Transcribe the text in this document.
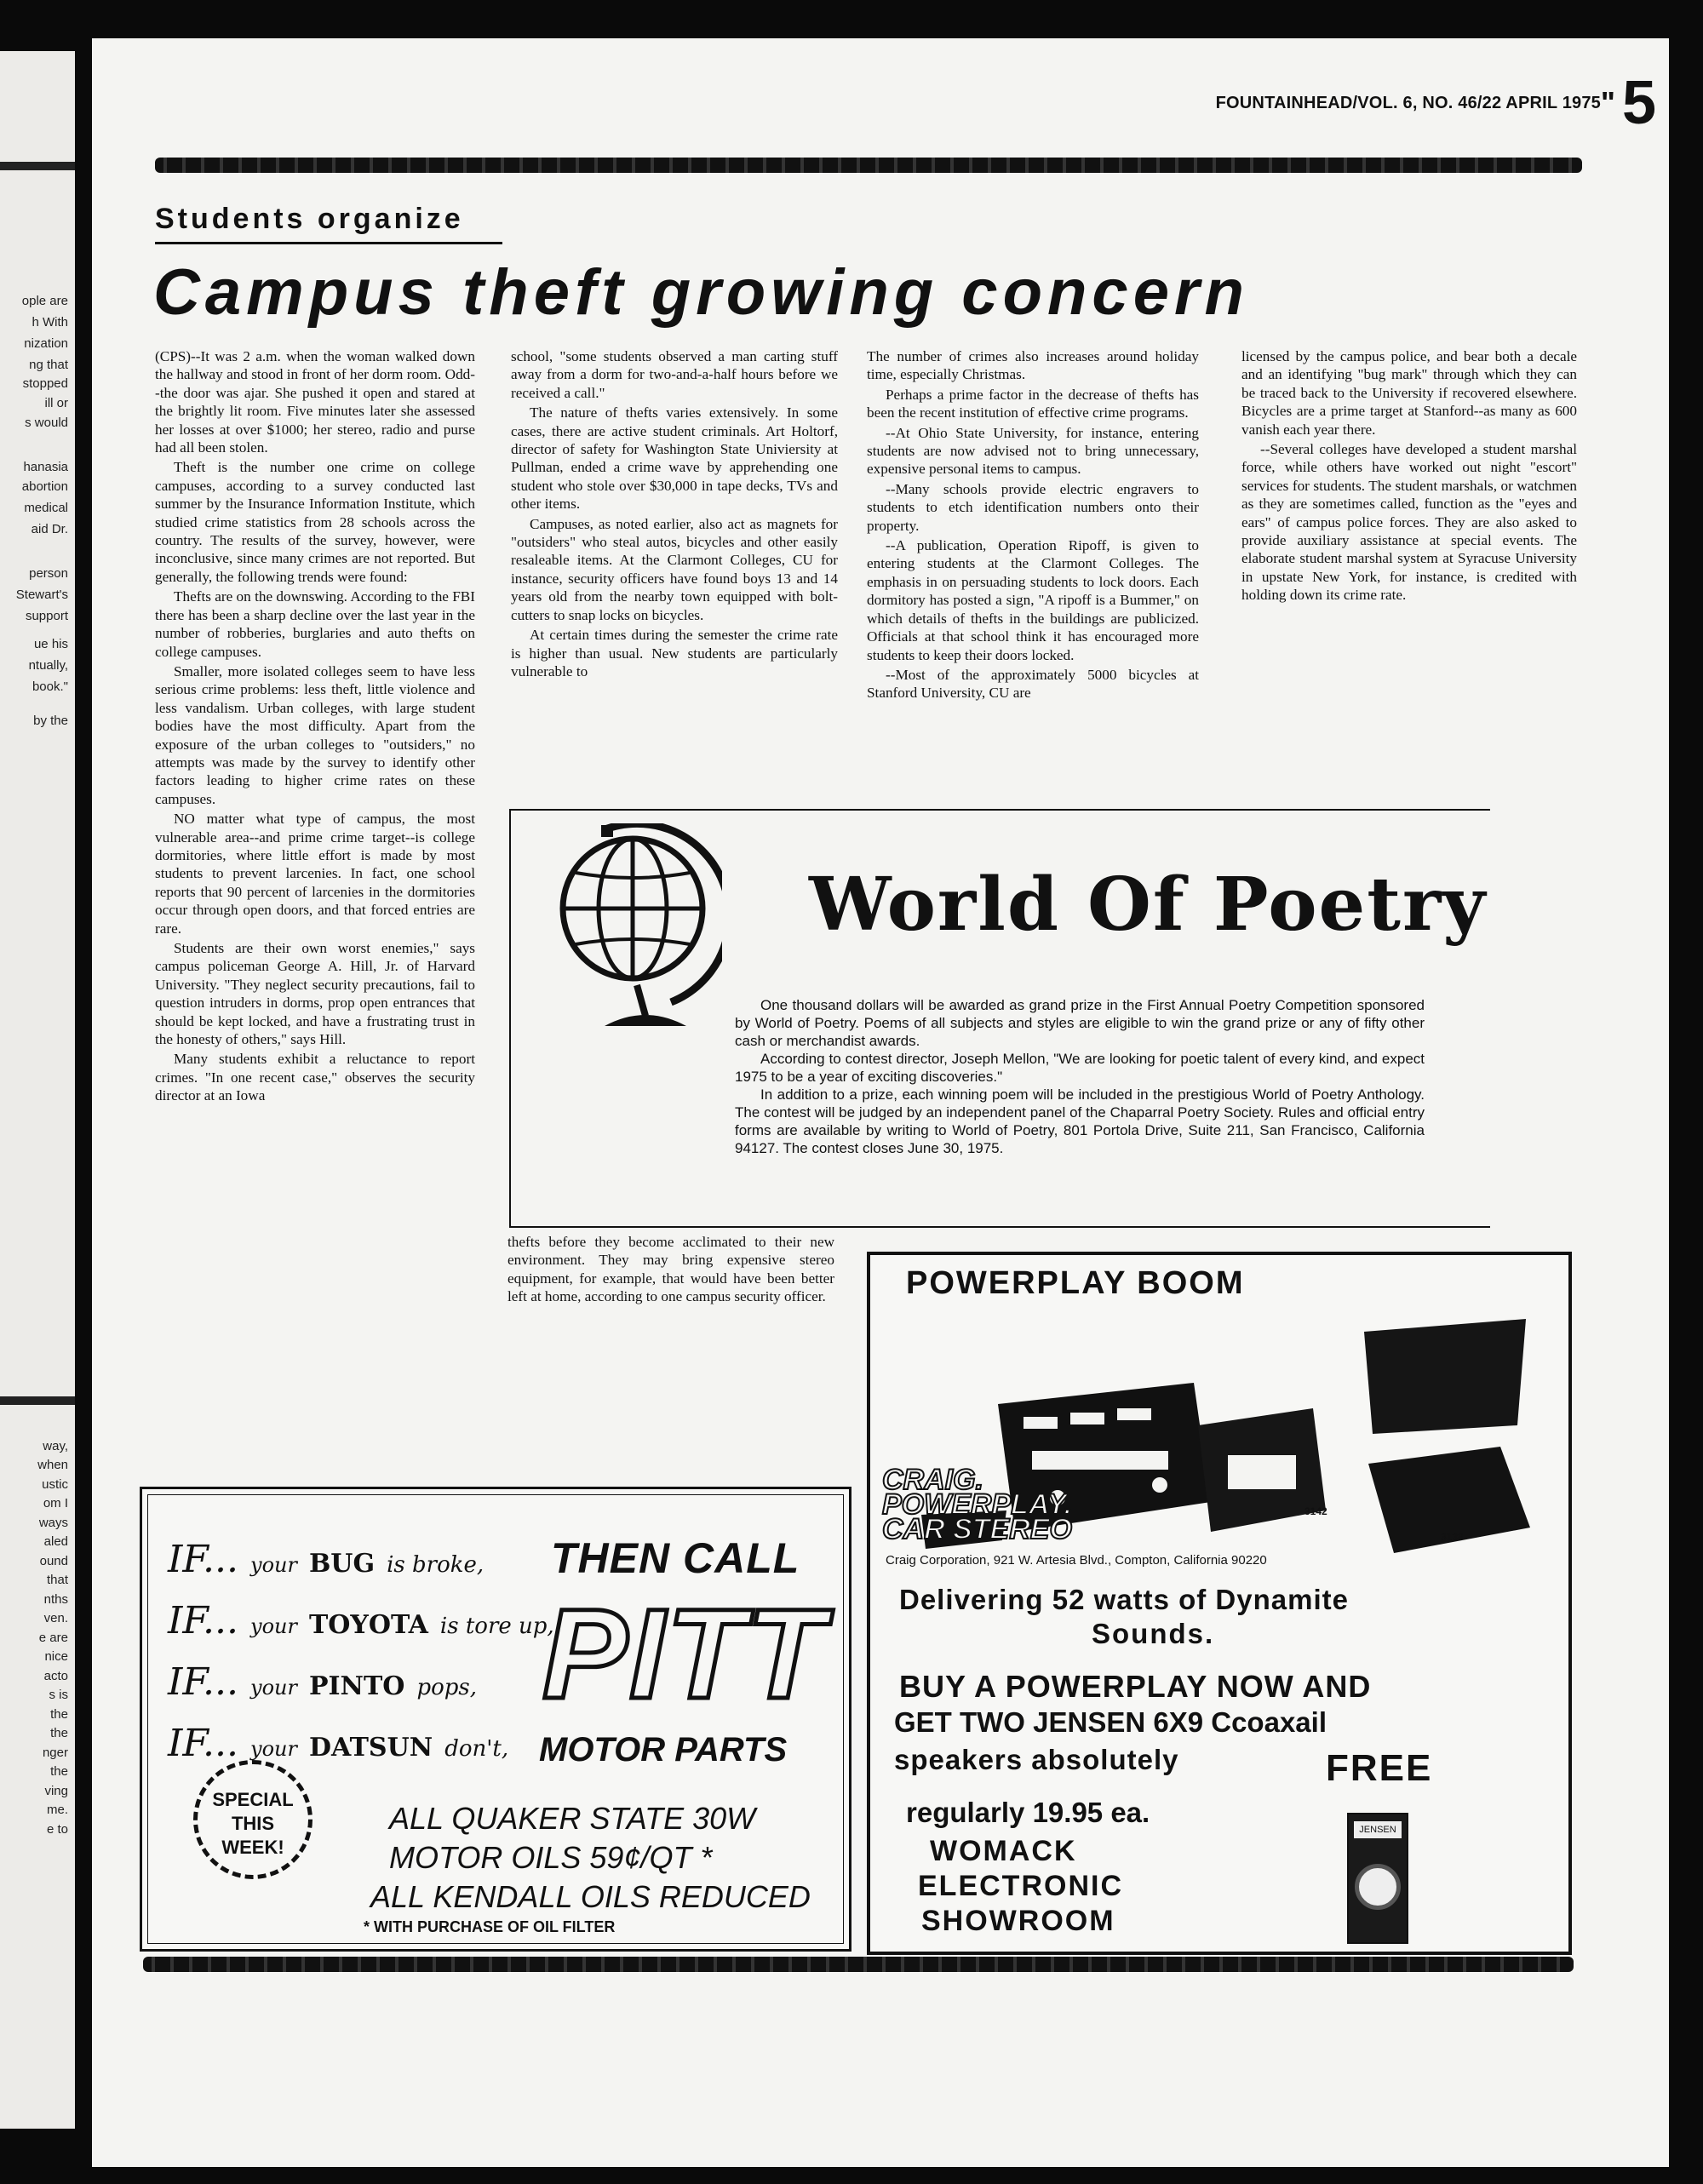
ople are
h With
nization
ng that
stopped
ill or
s would
hanasia
abortion
medical
aid Dr.
person
Stewart's
support
ue his
ntually,
book."
by the
way,
when
ustic
om I
ways
aled
ound
that
nths
ven.
e are
nice
acto
s is
the
the
nger
the
ving
me.
e to
FOUNTAINHEAD/VOL. 6, NO. 46/22 APRIL 1975 " 5
Students organize
Campus theft growing concern

(CPS)--It was 2 a.m. when the woman walked down the hallway and stood in front of her dorm room. Odd--the door was ajar. She pushed it open and stared at the brightly lit room. Five minutes later she assessed her losses at over $1000; her stereo, radio and purse had all been stolen.

Theft is the number one crime on college campuses, according to a survey conducted last summer by the Insurance Information Institute, which studied crime statistics from 28 schools across the country. The results of the survey, however, were inconclusive, since many crimes are not reported. But generally, the following trends were found:

Thefts are on the downswing. According to the FBI there has been a sharp decline over the last year in the number of robberies, burglaries and auto thefts on college campuses.

Smaller, more isolated colleges seem to have less serious crime problems: less theft, little violence and less vandalism. Urban colleges, with large student bodies have the most difficulty. Apart from the exposure of the urban colleges to "outsiders," no attempts was made by the survey to identify other factors leading to higher crime rates on these campuses.

NO matter what type of campus, the most vulnerable area--and prime crime target--is college dormitories, where little effort is made by most students to prevent larcenies. In fact, one school reports that 90 percent of larcenies in the dormitories occur through open doors, and that forced entries are rare.

Students are their own worst enemies," says campus policeman George A. Hill, Jr. of Harvard University. "They neglect security precautions, fail to question intruders in dorms, prop open entrances that should be kept locked, and have a frustrating trust in the honesty of others," says Hill.

Many students exhibit a reluctance to report crimes. "In one recent case," observes the security director at an Iowa

school, "some students observed a man carting stuff away from a dorm for two-and-a-half hours before we received a call."

The nature of thefts varies extensively. In some cases, there are active student criminals. Art Holtorf, director of safety for Washington State Univiersity at Pullman, ended a crime wave by apprehending one student who stole over $30,000 in tape decks, TVs and other items.

Campuses, as noted earlier, also act as magnets for "outsiders" who steal autos, bicycles and other easily resaleable items. At the Clarmont Colleges, CU for instance, security officers have found boys 13 and 14 years old from the nearby town equipped with bolt-cutters to snap locks on bicycles.

At certain times during the semester the crime rate is higher than usual. New students are particularly vulnerable to

The number of crimes also increases around holiday time, especially Christmas.

Perhaps a prime factor in the decrease of thefts has been the recent institution of effective crime programs.

--At Ohio State University, for instance, entering students are now advised not to bring unnecessary, expensive personal items to campus.

--Many schools provide electric engravers to students to etch identification numbers onto their property.

--A publication, Operation Ripoff, is given to entering students at the Clarmont Colleges. The emphasis in on persuading students to lock doors. Each dormitory has posted a sign, "A ripoff is a Bummer," on which details of thefts in the buildings are publicized. Officials at that school think it has encouraged more students to keep their doors locked.

--Most of the approximately 5000 bicycles at Stanford University, CU are

licensed by the campus police, and bear both a decale and an identifying "bug mark" through which they can be traced back to the University if recovered elsewhere. Bicycles are a prime target at Stanford--as many as 600 vanish each year there.

--Several colleges have developed a student marshal force, while others have worked out night "escort" services for students. The student marshals, or watchmen as they are sometimes called, function as the "eyes and ears" of campus police forces. They are also asked to provide auxiliary assistance at special events. The elaborate student marshal system at Syracuse University in upstate New York, for instance, is credited with holding down its crime rate.

thefts before they become acclimated to their new environment. They may bring expensive stereo equipment, for example, that would have been better left at home, according to one campus security officer.

World Of Poetry

One thousand dollars will be awarded as grand prize in the First Annual Poetry Competition sponsored by World of Poetry. Poems of all subjects and styles are eligible to win the grand prize or any of fifty other cash or merchandist awards.

According to contest director, Joseph Mellon, "We are looking for poetic talent of every kind, and expect 1975 to be a year of exciting discoveries."

In addition to a prize, each winning poem will be included in the prestigious World of Poetry Anthology. The contest will be judged by an independent panel of the Chaparral Poetry Society. Rules and official entry forms are available by writing to World of Poetry, 801 Portola Drive, Suite 211, San Francisco, California 94127. The contest closes June 30, 1975.

POWERPLAY BOOM
3142
3138
CRAIG.
POWERPLAY.
CAR STEREO
Craig Corporation, 921 W. Artesia Blvd., Compton, California 90220
Delivering 52 watts of Dynamite
Sounds.
BUY A POWERPLAY NOW AND
GET TWO JENSEN 6X9 Ccoaxail
speakers absolutely	FREE
regularly 19.95 ea.
WOMACK
ELECTRONIC
SHOWROOM
JENSEN
IF... your BUG is broke,
IF... your TOYOTA is tore up,
IF... your PINTO pops,
IF... your DATSUN don't,
THEN CALL
PITT
MOTOR PARTS
SPECIAL
THIS
WEEK!
ALL QUAKER STATE 30W
MOTOR OILS 59¢/QT *
ALL KENDALL OILS REDUCED
* WITH PURCHASE OF OIL FILTER
